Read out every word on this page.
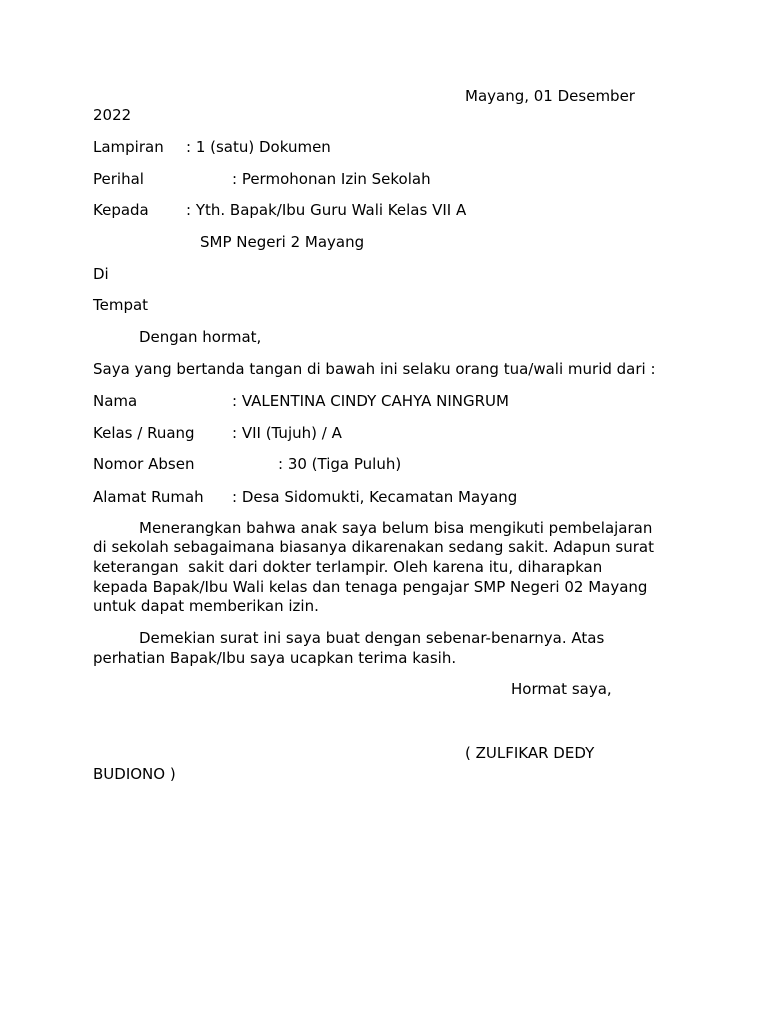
Mayang, 01 Desember
2022
Lampiran : 1 (satu) Dokumen
Perihal	: Permohonan Izin Sekolah
Kepada : Yth. Bapak/Ibu Guru Wali Kelas VII A
SMP Negeri 2 Mayang
Di
Tempat
Dengan hormat,
Saya yang bertanda tangan di bawah ini selaku orang tua/wali murid dari :
Nama	: VALENTINA CINDY CAHYA NINGRUM
Kelas / Ruang : VII (Tujuh) / A
Nomor Absen	: 30 (Tiga Puluh)
Alamat Rumah : Desa Sidomukti, Kecamatan Mayang
Menerangkan bahwa anak saya belum bisa mengikuti pembelajaran
di sekolah sebagaimana biasanya dikarenakan sedang sakit. Adapun surat
keterangan  sakit dari dokter terlampir. Oleh karena itu, diharapkan
kepada Bapak/Ibu Wali kelas dan tenaga pengajar SMP Negeri 02 Mayang
untuk dapat memberikan izin.
Demekian surat ini saya buat dengan sebenar-benarnya. Atas
perhatian Bapak/Ibu saya ucapkan terima kasih.
Hormat saya,
( ZULFIKAR DEDY
BUDIONO )
